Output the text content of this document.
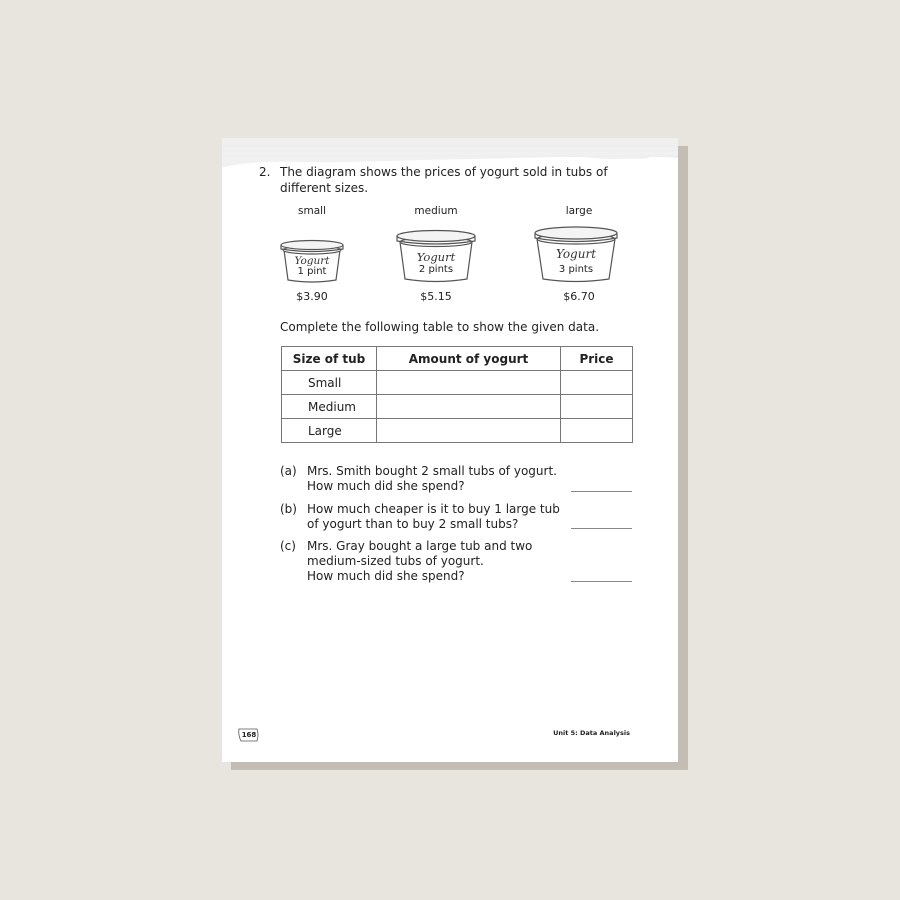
2. The diagram shows the prices of yogurt sold in tubs of different sizes.
small	medium	large
Yogurt
1 pint
Yogurt
2 pints
Yogurt
3 pints
$3.90	$5.15	$6.70
Complete the following table to show the given data.
Size of tub	Amount of yogurt	Price
Small		
Medium		
Large		
(a) Mrs. Smith bought 2 small tubs of yogurt.
How much did she spend?
(b) How much cheaper is it to buy 1 large tub
of yogurt than to buy 2 small tubs?
(c) Mrs. Gray bought a large tub and two
medium-sized tubs of yogurt.
How much did she spend?
168	Unit 5: Data Analysis
